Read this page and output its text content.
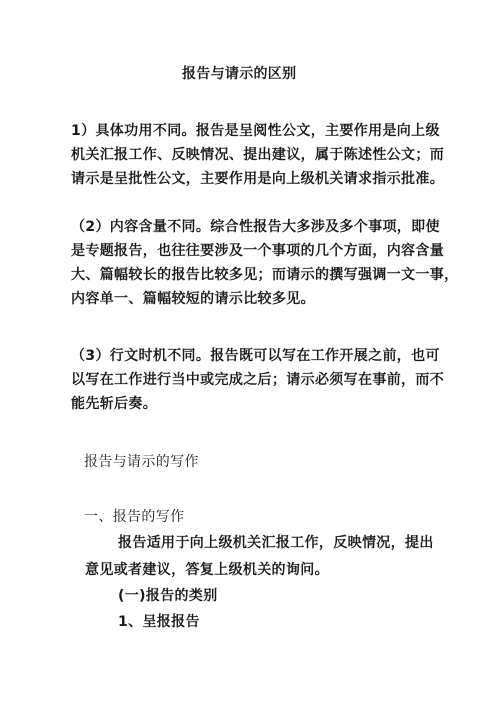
报告与请示的区别
1）具体功用不同。报告是呈阅性公文，主要作用是向上级
机关汇报工作、反映情况、提出建议，属于陈述性公文；而
请示是呈批性公文，主要作用是向上级机关请求指示批准。
（2）内容含量不同。综合性报告大多涉及多个事项，即使
是专题报告，也往往要涉及一个事项的几个方面，内容含量
大、篇幅较长的报告比较多见；而请示的撰写强调一文一事，
内容单一、篇幅较短的请示比较多见。
（3）行文时机不同。报告既可以写在工作开展之前，也可
以写在工作进行当中或完成之后；请示必须写在事前，而不
能先斩后奏。
报告与请示的写作
一、报告的写作
报告适用于向上级机关汇报工作，反映情况，提出
意见或者建议，答复上级机关的询问。
(一)报告的类别
1、呈报报告
